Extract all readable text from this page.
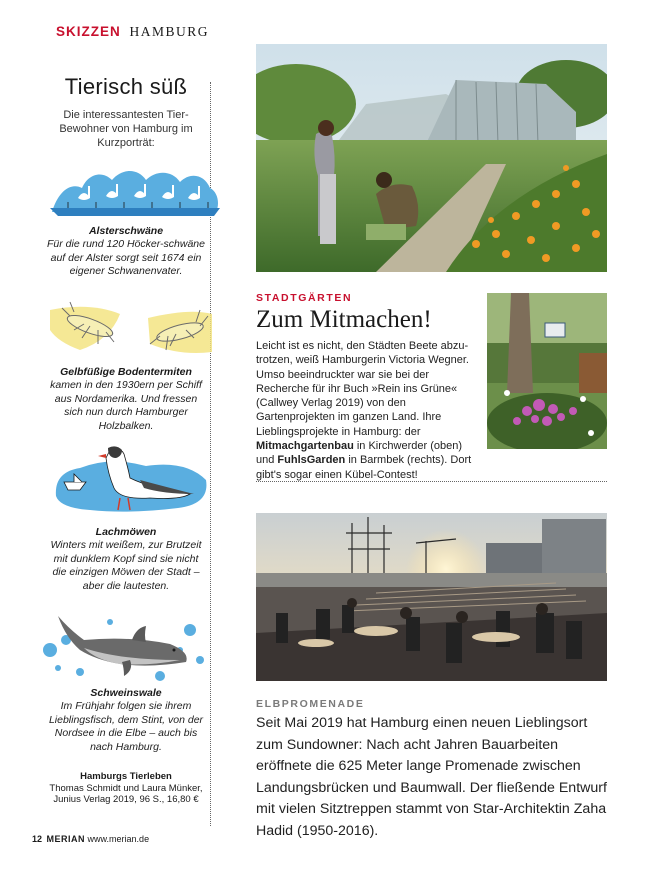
SKIZZEN HAMBURG
Tierisch süß
Die interessantesten Tier-Bewohner von Hamburg im Kurzporträt:
Alsterschwäne
Für die rund 120 Höcker-schwäne auf der Alster sorgt seit 1674 ein eigener Schwanenvater.
Gelbfüßige Bodentermiten
kamen in den 1930ern per Schiff aus Nordamerika. Und fressen sich nun durch Hamburger Holzbalken.
Lachmöwen
Winters mit weißem, zur Brutzeit mit dunklem Kopf sind sie nicht die einzigen Möwen der Stadt – aber die lautesten.
Schweinswale
Im Frühjahr folgen sie ihrem Lieblingsfisch, dem Stint, von der Nordsee in die Elbe – auch bis nach Hamburg.
Hamburgs Tierleben
Thomas Schmidt und Laura Münker, Junius Verlag 2019, 96 S., 16,80 €
STADTGÄRTEN
Zum Mitmachen!
Leicht ist es nicht, den Städten Beete abzu-trotzen, weiß Hamburgerin Victoria Wegner. Umso beeindruckter war sie bei der Recherche für ihr Buch »Rein ins Grüne« (Callwey Verlag 2019) von den Gartenprojekten im ganzen Land. Ihre Lieblingsprojekte in Hamburg: der Mitmachgartenbau in Kirchwerder (oben) und FuhlsGarden in Barmbek (rechts). Dort gibt's sogar einen Kübel-Contest!
ELBPROMENADE
Seit Mai 2019 hat Hamburg einen neuen Lieblingsort zum Sundowner: Nach acht Jahren Bauarbeiten eröffnete die 625 Meter lange Promenade zwischen Landungsbrücken und Baumwall. Der fließende Entwurf mit vielen Sitztreppen stammt von Star-Architektin Zaha Hadid (1950-2016).
12 MERIAN www.merian.de
